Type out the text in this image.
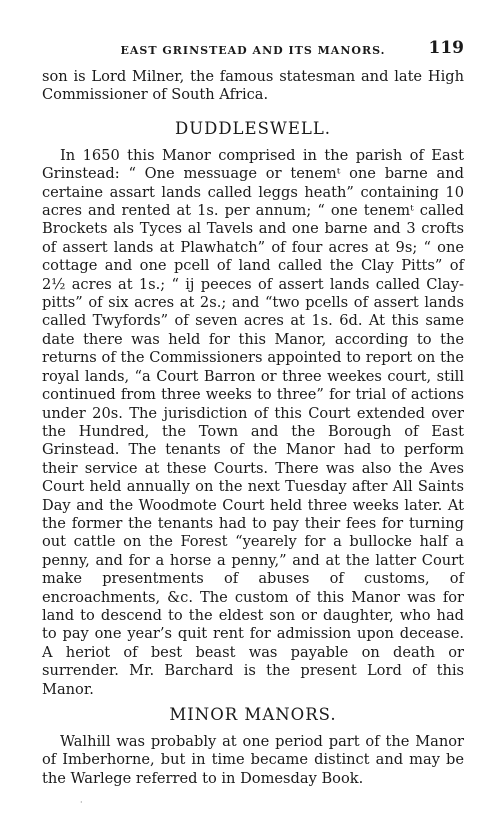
EAST GRINSTEAD AND ITS MANORS.	119

son is Lord Milner, the famous statesman and late High Commissioner of South Africa.

DUDDLESWELL.

In 1650 this Manor comprised in the parish of East Grinstead: “ One messuage or tenemᵗ one barne and certaine assart lands called leggs heath” containing 10 acres and rented at 1s. per annum; “ one tenemᵗ called Brockets als Tyces al Tavels and one barne and 3 crofts of assert lands at Plawhatch” of four acres at 9s; “ one cottage and one pcell of land called the Clay Pitts” of 2½ acres at 1s.; “ ij peeces of assert lands called Clay-pitts” of six acres at 2s.; and “two pcells of assert lands called Twyfords” of seven acres at 1s. 6d. At this same date there was held for this Manor, according to the returns of the Commissioners appointed to report on the royal lands, “a Court Barron or three weekes court, still continued from three weeks to three” for trial of actions under 20s. The jurisdiction of this Court extended over the Hundred, the Town and the Borough of East Grinstead. The tenants of the Manor had to perform their service at these Courts. There was also the Aves Court held annually on the next Tuesday after All Saints Day and the Woodmote Court held three weeks later. At the former the tenants had to pay their fees for turning out cattle on the Forest “yearely for a bullocke half a penny, and for a horse a penny,” and at the latter Court make presentments of abuses of customs, of encroachments, &c. The custom of this Manor was for land to descend to the eldest son or daughter, who had to pay one year’s quit rent for admission upon decease. A heriot of best beast was payable on death or surrender. Mr. Barchard is the present Lord of this Manor.

MINOR MANORS.

Walhill was probably at one period part of the Manor of Imberhorne, but in time became distinct and may be the Warlege referred to in Domesday Book.

·
